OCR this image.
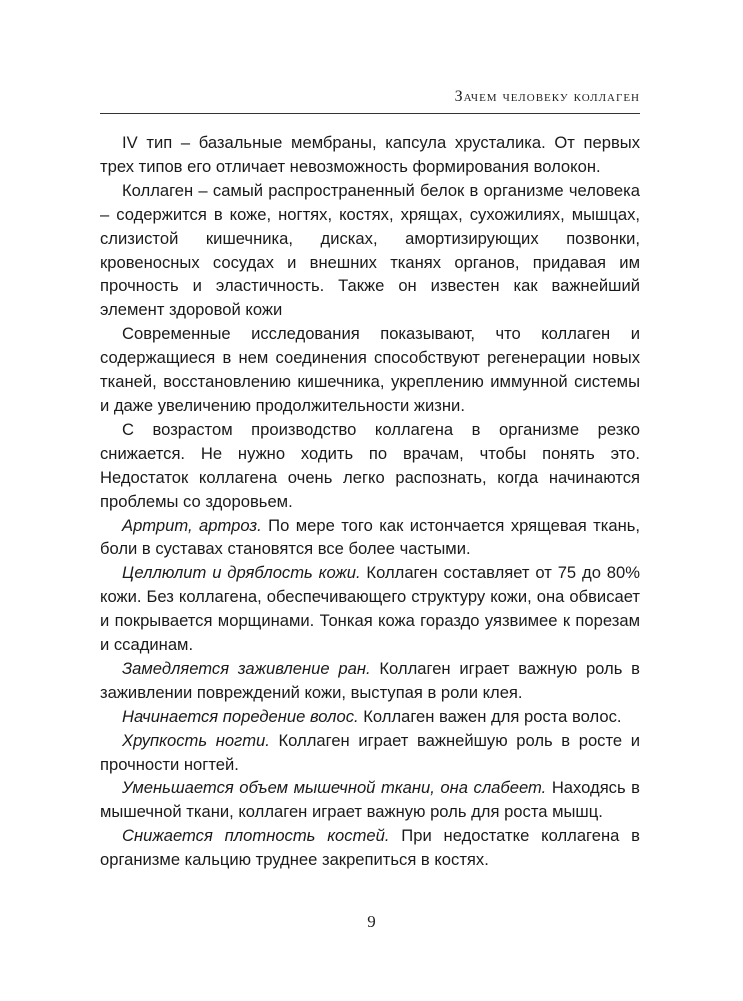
Зачем человеку коллаген

IV тип – базальные мембраны, капсула хрусталика. От первых трех типов его отличает невозможность формирования волокон.

Коллаген – самый распространенный белок в организме человека – содержится в коже, ногтях, костях, хрящах, сухожилиях, мышцах, слизистой кишечника, дисках, амортизирующих позвонки, кровеносных сосудах и внешних тканях органов, придавая им прочность и эластичность. Также он известен как важнейший элемент здоровой кожи

Современные исследования показывают, что коллаген и содержащиеся в нем соединения способствуют регенерации новых тканей, восстановлению кишечника, укреплению иммунной системы и даже увеличению продолжительности жизни.

С возрастом производство коллагена в организме резко снижается. Не нужно ходить по врачам, чтобы понять это. Недостаток коллагена очень легко распознать, когда начинаются проблемы со здоровьем.

Артрит, артроз. По мере того как истончается хрящевая ткань, боли в суставах становятся все более частыми.

Целлюлит и дряблость кожи. Коллаген составляет от 75 до 80% кожи. Без коллагена, обеспечивающего структуру кожи, она обвисает и покрывается морщинами. Тонкая кожа гораздо уязвимее к порезам и ссадинам.

Замедляется заживление ран. Коллаген играет важную роль в заживлении повреждений кожи, выступая в роли клея.

Начинается поредение волос. Коллаген важен для роста волос.

Хрупкость ногти. Коллаген играет важнейшую роль в росте и прочности ногтей.

Уменьшается объем мышечной ткани, она слабеет. Находясь в мышечной ткани, коллаген играет важную роль для роста мышц.

Снижается плотность костей. При недостатке коллагена в организме кальцию труднее закрепиться в костях.

9
